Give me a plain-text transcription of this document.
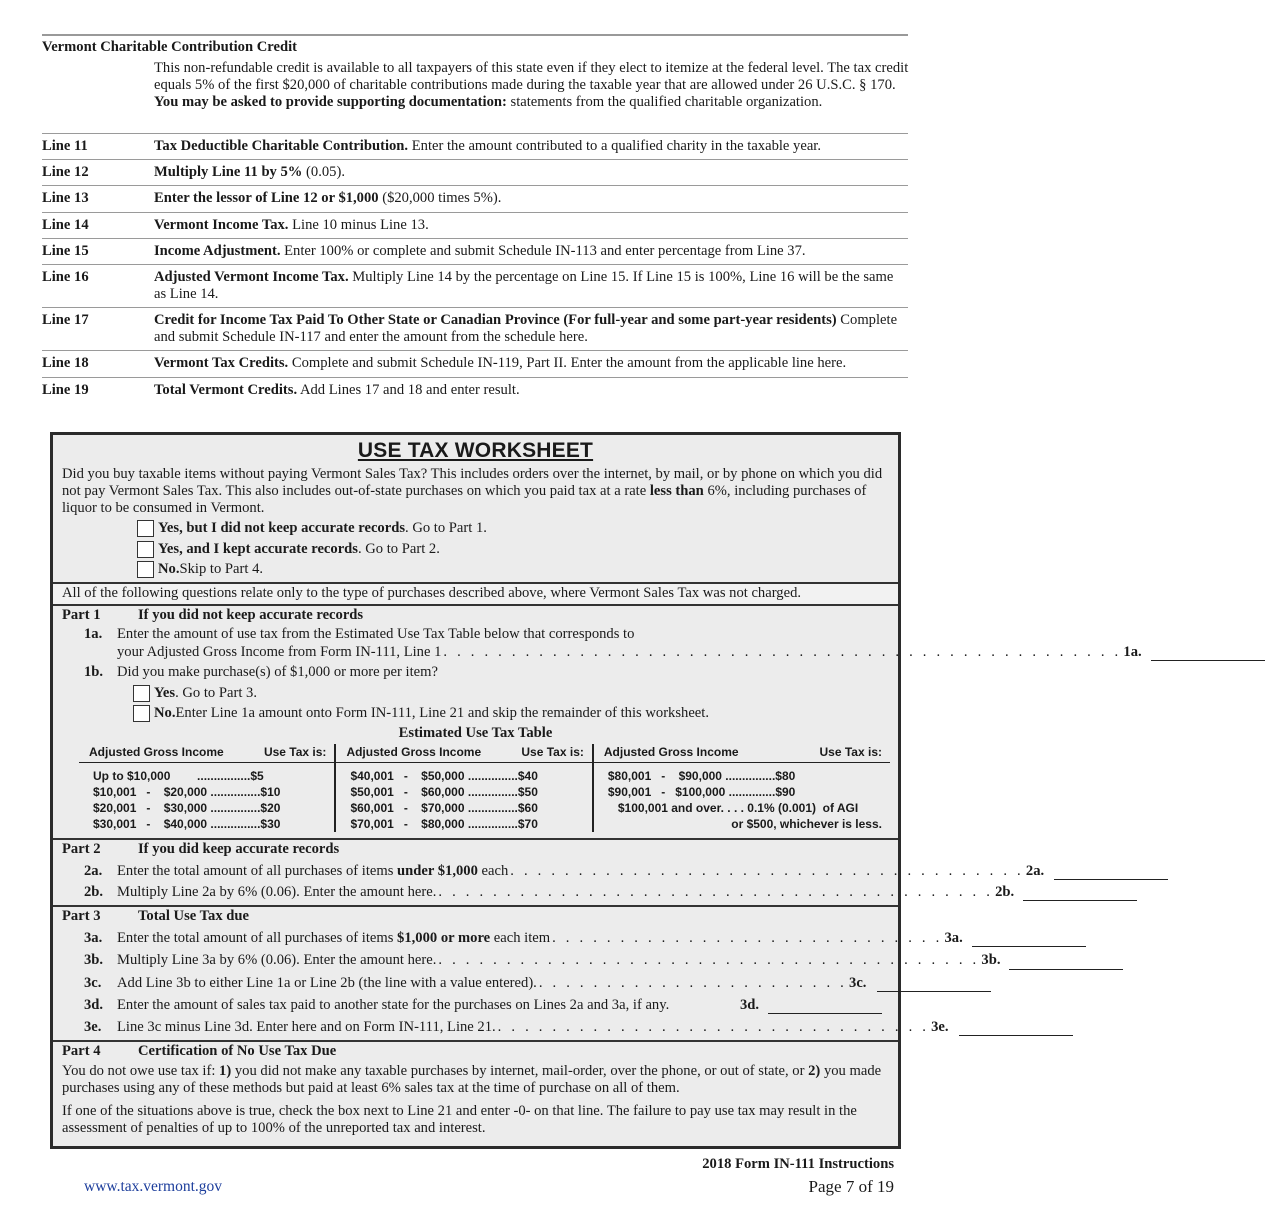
Vermont Charitable Contribution Credit
This non-refundable credit is available to all taxpayers of this state even if they elect to itemize at the federal level. The tax credit equals 5% of the first $20,000 of charitable contributions made during the taxable year that are allowed under 26 U.S.C. § 170. You may be asked to provide supporting documentation: statements from the qualified charitable organization.
Line 11	Tax Deductible Charitable Contribution. Enter the amount contributed to a qualified charity in the taxable year.
Line 12	Multiply Line 11 by 5% (0.05).
Line 13	Enter the lessor of Line 12 or $1,000 ($20,000 times 5%).
Line 14	Vermont Income Tax. Line 10 minus Line 13.
Line 15	Income Adjustment. Enter 100% or complete and submit Schedule IN-113 and enter percentage from Line 37.
Line 16	Adjusted Vermont Income Tax. Multiply Line 14 by the percentage on Line 15. If Line 15 is 100%, Line 16 will be the same as Line 14.
Line 17	Credit for Income Tax Paid To Other State or Canadian Province (For full-year and some part-year residents) Complete and submit Schedule IN-117 and enter the amount from the schedule here.
Line 18	Vermont Tax Credits. Complete and submit Schedule IN-119, Part II. Enter the amount from the applicable line here.
Line 19	Total Vermont Credits. Add Lines 17 and 18 and enter result.
USE TAX WORKSHEET
Did you buy taxable items without paying Vermont Sales Tax? This includes orders over the internet, by mail, or by phone on which you did not pay Vermont Sales Tax. This also includes out-of-state purchases on which you paid tax at a rate less than 6%, including purchases of liquor to be consumed in Vermont.
Yes, but I did not keep accurate records . Go to Part 1.
Yes, and I kept accurate records . Go to Part 2.
No. Skip to Part 4.
All of the following questions relate only to the type of purchases described above, where Vermont Sales Tax was not charged.
Part 1	If you did not keep accurate records
1a.	Enter the amount of use tax from the Estimated Use Tax Table below that corresponds to
your Adjusted Gross Income from Form IN-111, Line 1 . . . . . . . . . . . . . . . . . . . . . . . . . . . . . . . . . . . . . . . . . . . . . . . . . . 1a.
1b. Did you make purchase(s) of $1,000 or more per item?
Yes . Go to Part 3.
No. Enter Line 1a amount onto Form IN-111, Line 21 and skip the remainder of this worksheet.
Estimated Use Tax Table
Adjusted Gross Income	Use Tax is:
Up to $10,000        ................$5
$10,001   -    $20,000 ...............$10
$20,001   -    $30,000 ...............$20
$30,001   -    $40,000 ...............$30
Adjusted Gross Income	Use Tax is:
$40,001   -    $50,000 ...............$40
$50,001   -    $60,000 ...............$50
$60,001   -    $70,000 ...............$60
$70,001   -    $80,000 ...............$70
Adjusted Gross Income	Use Tax is:
$80,001   -    $90,000 ...............$80
$90,001   -   $100,000 ..............$90
$100,001 and over. . . . 0.1% (0.001)  of AGI
or $500, whichever is less.
Part 2	If you did keep accurate records
2a.	Enter the total amount of all purchases of items under $1,000 each . . . . . . . . . . . . . . . . . . . . . . . . . . . . . . . . . . . . . . 2a.
2b. Multiply Line 2a by 6% (0.06). Enter the amount here. . . . . . . . . . . . . . . . . . . . . . . . . . . . . . . . . . . . . . . . . . 2b.
Part 3	Total Use Tax due
3a.	Enter the total amount of all purchases of items $1,000 or more each item . . . . . . . . . . . . . . . . . . . . . . . . . . . . . 3a.
3b. Multiply Line 3a by 6% (0.06). Enter the amount here. . . . . . . . . . . . . . . . . . . . . . . . . . . . . . . . . . . . . . . . . 3b.
3c.	Add Line 3b to either Line 1a or Line 2b (the line with a value entered). . . . . . . . . . . . . . . . . . . . . . . . 3c.
3d. Enter the amount of sales tax paid to another state for the purchases on Lines 2a and 3a, if any.	3d.
3e.	Line 3c minus Line 3d. Enter here and on Form IN-111, Line 21. . . . . . . . . . . . . . . . . . . . . . . . . . . . . . . . . 3e.
Part 4	Certification of No Use Tax Due
You do not owe use tax if: 1) you did not make any taxable purchases by internet, mail-order, over the phone, or out of state, or 2) you made purchases using any of these methods but paid at least 6% sales tax at the time of purchase on all of them.
If one of the situations above is true, check the box next to Line 21 and enter -0- on that line. The failure to pay use tax may result in the assessment of penalties of up to 100% of the unreported tax and interest.
2018 Form IN-111 Instructions
www.tax.vermont.gov	Page 7 of 19
